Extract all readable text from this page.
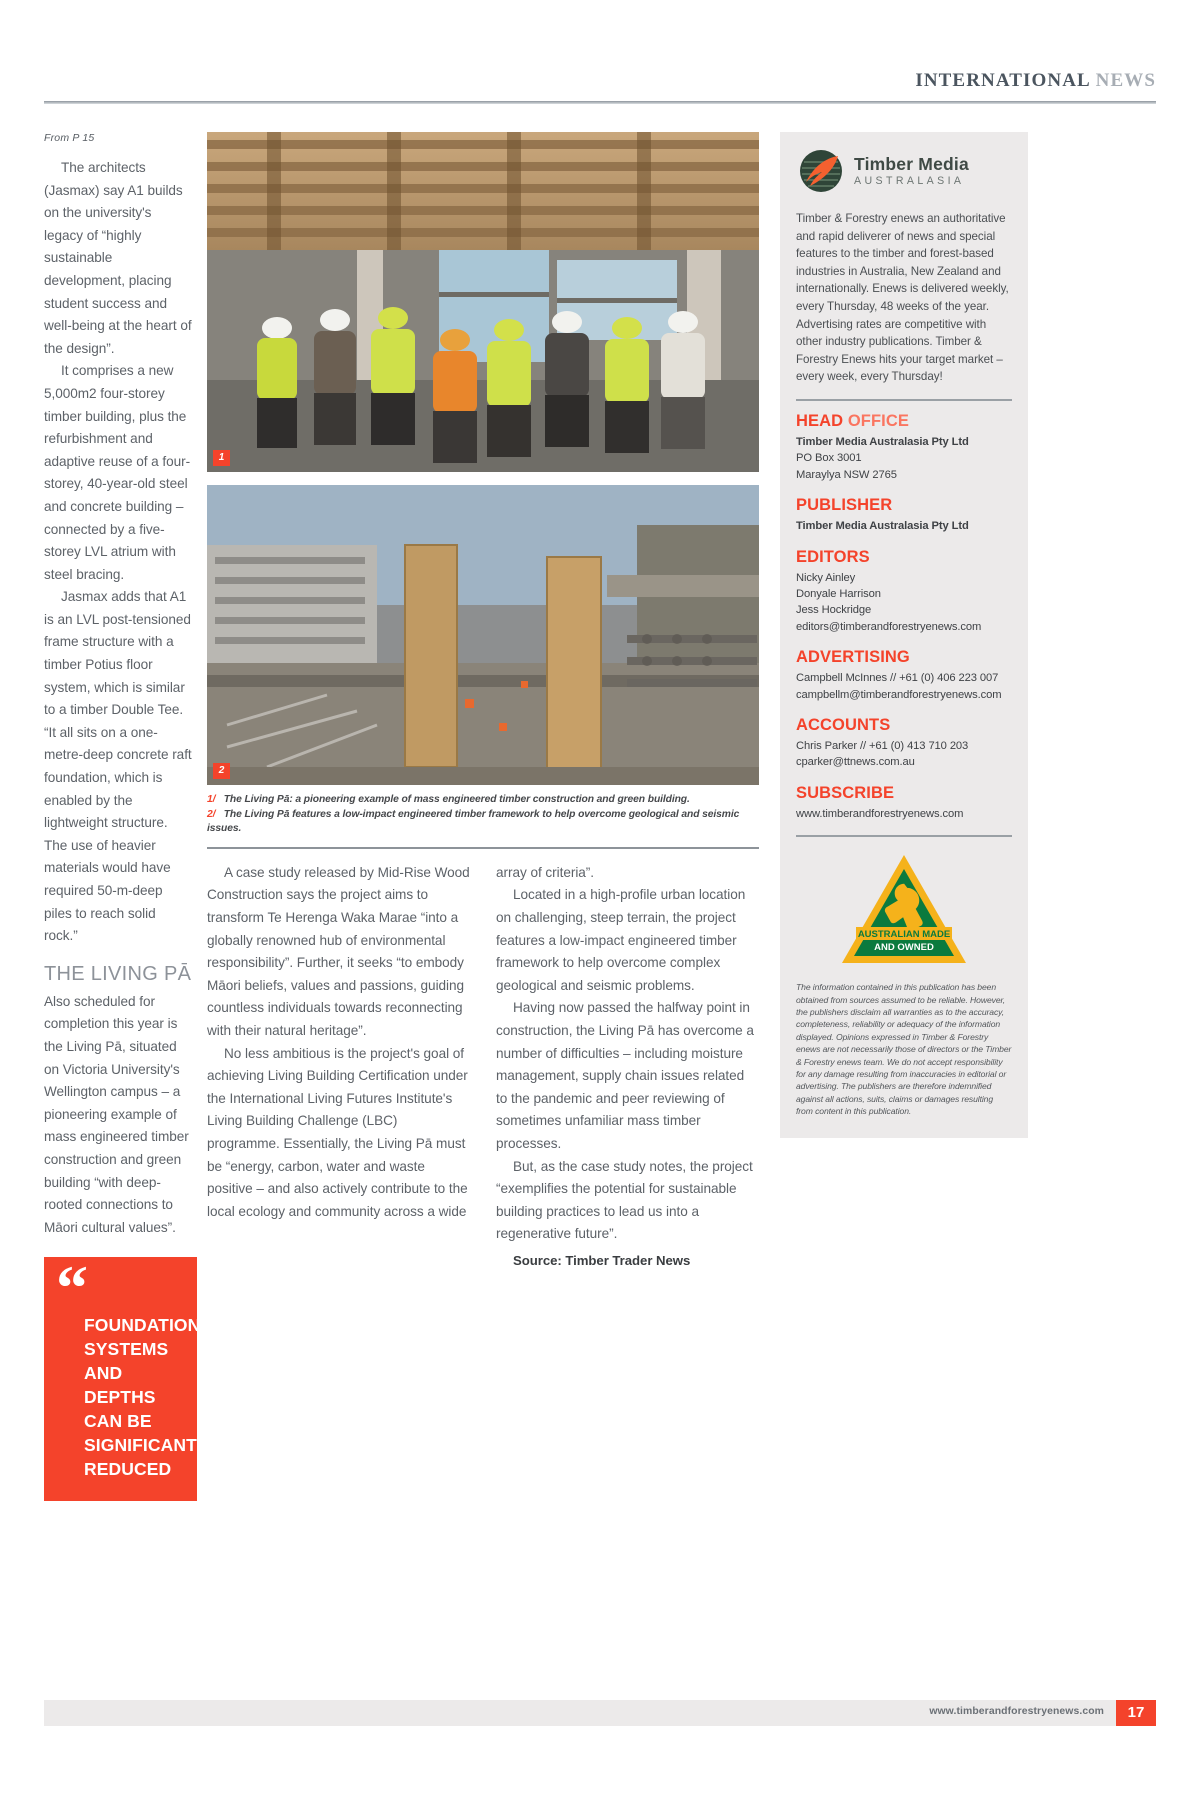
INTERNATIONAL NEWS
From P 15

The architects (Jasmax) say A1 builds on the university's legacy of “highly sustainable development, placing student success and well-being at the heart of the design”.

It comprises a new 5,000m2 four-storey timber building, plus the refurbishment and adaptive reuse of a four-storey, 40-year-old steel and concrete building – connected by a five-storey LVL atrium with steel bracing.

Jasmax adds that A1 is an LVL post-tensioned frame structure with a timber Potius floor system, which is similar to a timber Double Tee. “It all sits on a one-metre-deep concrete raft foundation, which is enabled by the lightweight structure. The use of heavier materials would have required 50-m-deep piles to reach solid rock.”

THE LIVING PĀ

Also scheduled for completion this year is the Living Pā, situated on Victoria University's Wellington campus – a pioneering example of mass engineered timber construction and green building “with deep-rooted connections to Māori cultural values”.

“
FOUNDATION SYSTEMS AND DEPTHS CAN BE SIGNIFICANTLY REDUCED
1
2
1/ The Living Pā: a pioneering example of mass engineered timber construction and green building.
2/ The Living Pā features a low-impact engineered timber framework to help overcome geological and seismic issues.

A case study released by Mid-Rise Wood Construction says the project aims to transform Te Herenga Waka Marae “into a globally renowned hub of environmental responsibility”. Further, it seeks “to embody Māori beliefs, values and passions, guiding countless individuals towards reconnecting with their natural heritage”.

No less ambitious is the project's goal of achieving Living Building Certification under the International Living Futures Institute's Living Building Challenge (LBC) programme. Essentially, the Living Pā must be “energy, carbon, water and waste positive – and also actively contribute to the local ecology and community across a wide

array of criteria”.

Located in a high-profile urban location on challenging, steep terrain, the project features a low-impact engineered timber framework to help overcome complex geological and seismic problems.

Having now passed the halfway point in construction, the Living Pā has overcome a number of difficulties – including moisture management, supply chain issues related to the pandemic and peer reviewing of sometimes unfamiliar mass timber processes.

But, as the case study notes, the project “exemplifies the potential for sustainable building practices to lead us into a regenerative future”.

Source: Timber Trader News

Timber Media
AUSTRALASIA
Timber & Forestry enews an authoritative and rapid deliverer of news and special features to the timber and forest-based industries in Australia, New Zealand and internationally. Enews is delivered weekly, every Thursday, 48 weeks of the year. Advertising rates are competitive with other industry publications. Timber & Forestry Enews hits your target market – every week, every Thursday!
HEAD OFFICE
Timber Media Australasia Pty Ltd
PO Box 3001
Maraylya NSW 2765
PUBLISHER
Timber Media Australasia Pty Ltd
EDITORS
Nicky Ainley
Donyale Harrison
Jess Hockridge
editors@timberandforestryenews.com
ADVERTISING
Campbell McInnes // +61 (0) 406 223 007
campbellm@timberandforestryenews.com
ACCOUNTS
Chris Parker // +61 (0) 413 710 203
cparker@ttnews.com.au
SUBSCRIBE
www.timberandforestryenews.com
AUSTRALIAN MADE
AND OWNED
The information contained in this publication has been obtained from sources assumed to be reliable. However, the publishers disclaim all warranties as to the accuracy, completeness, reliability or adequacy of the information displayed. Opinions expressed in Timber & Forestry enews are not necessarily those of directors or the Timber & Forestry enews team. We do not accept responsibility for any damage resulting from inaccuracies in editorial or advertising. The publishers are therefore indemnified against all actions, suits, claims or damages resulting from content in this publication.
www.timberandforestryenews.com	17
